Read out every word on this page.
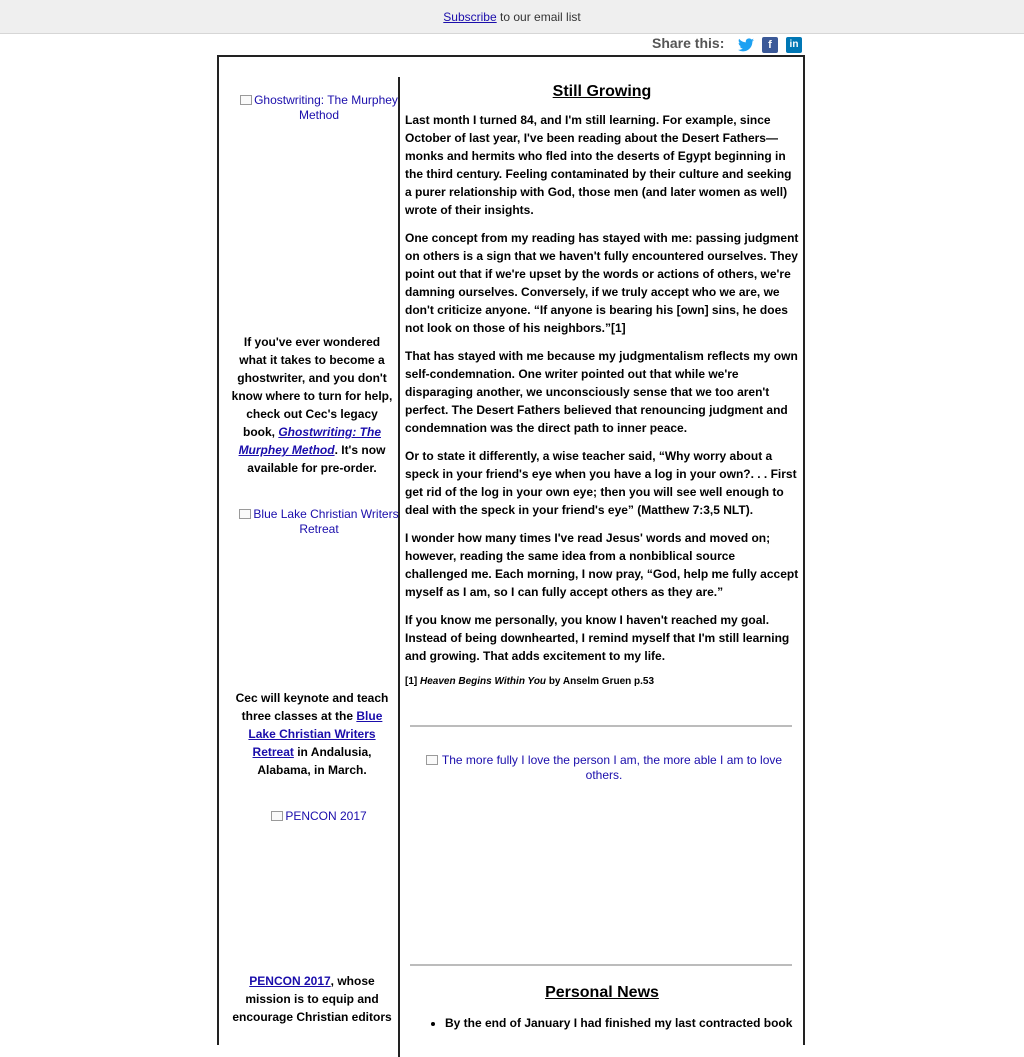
Subscribe to our email list
Share this:	f	in
Ghostwriting: The Murphey Method
If you've ever wondered what it takes to become a ghostwriter, and you don't know where to turn for help, check out Cec's legacy book, Ghostwriting: The Murphey Method. It's now available for pre-order.
Blue Lake Christian Writers Retreat
Cec will keynote and teach three classes at the Blue Lake Christian Writers Retreat in Andalusia, Alabama, in March.
PENCON 2017
PENCON 2017, whose mission is to equip and encourage Christian editors
Still Growing

Last month I turned 84, and I'm still learning. For example, since October of last year, I've been reading about the Desert Fathers—monks and hermits who fled into the deserts of Egypt beginning in the third century. Feeling contaminated by their culture and seeking a purer relationship with God, those men (and later women as well) wrote of their insights.

One concept from my reading has stayed with me: passing judgment on others is a sign that we haven't fully encountered ourselves. They point out that if we're upset by the words or actions of others, we're damning ourselves. Conversely, if we truly accept who we are, we don't criticize anyone. “If anyone is bearing his [own] sins, he does not look on those of his neighbors.”[1]

That has stayed with me because my judgmentalism reflects my own self-condemnation. One writer pointed out that while we're disparaging another, we unconsciously sense that we too aren't perfect. The Desert Fathers believed that renouncing judgment and condemnation was the direct path to inner peace.

Or to state it differently, a wise teacher said, “Why worry about a speck in your friend's eye when you have a log in your own?. . . First get rid of the log in your own eye; then you will see well enough to deal with the speck in your friend's eye” (Matthew 7:3,5 NLT).

I wonder how many times I've read Jesus' words and moved on; however, reading the same idea from a nonbiblical source challenged me. Each morning, I now pray, “God, help me fully accept myself as I am, so I can fully accept others as they are.”

If you know me personally, you know I haven't reached my goal. Instead of being downhearted, I remind myself that I'm still learning and growing. That adds excitement to my life.

[1] Heaven Begins Within You by Anselm Gruen p.53
The more fully I love the person I am, the more able I am to love others.
Personal News
• By the end of January I had finished my last contracted book
